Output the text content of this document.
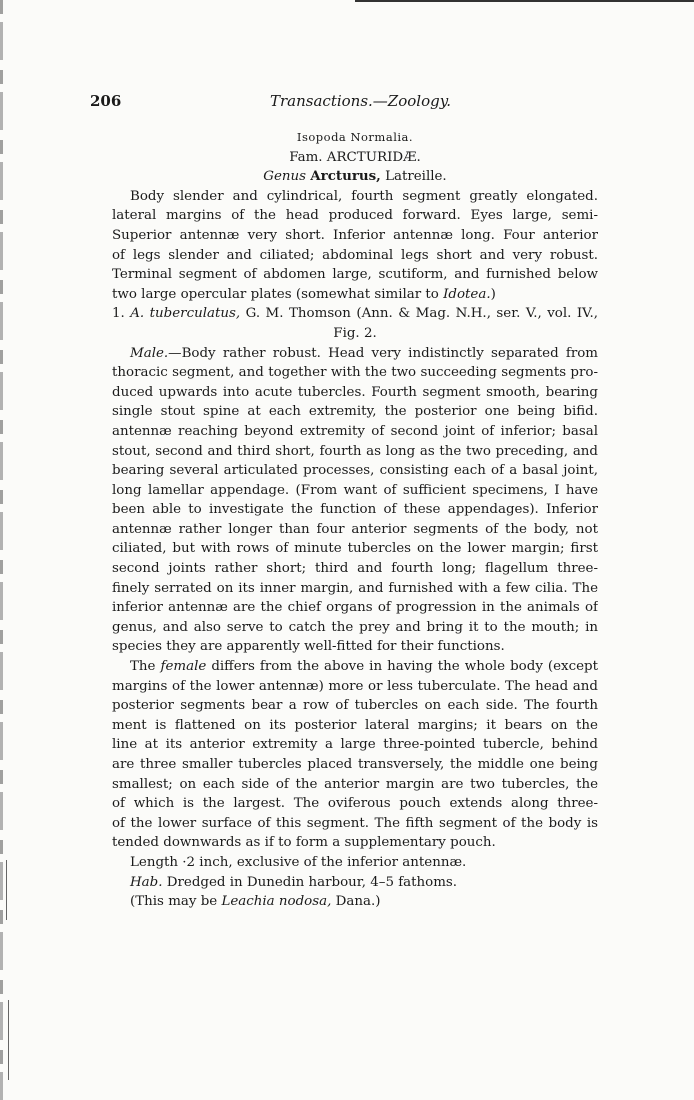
206	Transactions.—Zoology.
Isopoda Normalia.
Fam. ARCTURIDÆ.
Genus Arcturus, Latreille.
Body slender and cylindrical, fourth segment greatly elongated.
lateral margins of the head produced forward. Eyes large, semi-
Superior antennæ very short. Inferior antennæ long. Four anterior
of legs slender and ciliated; abdominal legs short and very robust.
Terminal segment of abdomen large, scutiform, and furnished below
two large opercular plates (somewhat similar to Idotea.)
1. A. tuberculatus, G. M. Thomson (Ann. & Mag. N.H., ser. V., vol. IV.,
Fig. 2.
Male.—Body rather robust. Head very indistinctly separated from
thoracic segment, and together with the two succeeding segments pro-
duced upwards into acute tubercles. Fourth segment smooth, bearing
single stout spine at each extremity, the posterior one being bifid.
antennæ reaching beyond extremity of second joint of inferior; basal
stout, second and third short, fourth as long as the two preceding, and
bearing several articulated processes, consisting each of a basal joint,
long lamellar appendage. (From want of sufficient specimens, I have
been able to investigate the function of these appendages). Inferior
antennæ rather longer than four anterior segments of the body, not
ciliated, but with rows of minute tubercles on the lower margin; first
second joints rather short; third and fourth long; flagellum three-
finely serrated on its inner margin, and furnished with a few cilia. The
inferior antennæ are the chief organs of progression in the animals of
genus, and also serve to catch the prey and bring it to the mouth; in
species they are apparently well-fitted for their functions.
The female differs from the above in having the whole body (except
margins of the lower antennæ) more or less tuberculate. The head and
posterior segments bear a row of tubercles on each side. The fourth
ment is flattened on its posterior lateral margins; it bears on the
line at its anterior extremity a large three-pointed tubercle, behind
are three smaller tubercles placed transversely, the middle one being
smallest; on each side of the anterior margin are two tubercles, the
of which is the largest. The oviferous pouch extends along three-
of the lower surface of this segment. The fifth segment of the body is
tended downwards as if to form a supplementary pouch.
Length ·2 inch, exclusive of the inferior antennæ.
Hab. Dredged in Dunedin harbour, 4–5 fathoms.
(This may be Leachia nodosa, Dana.)
